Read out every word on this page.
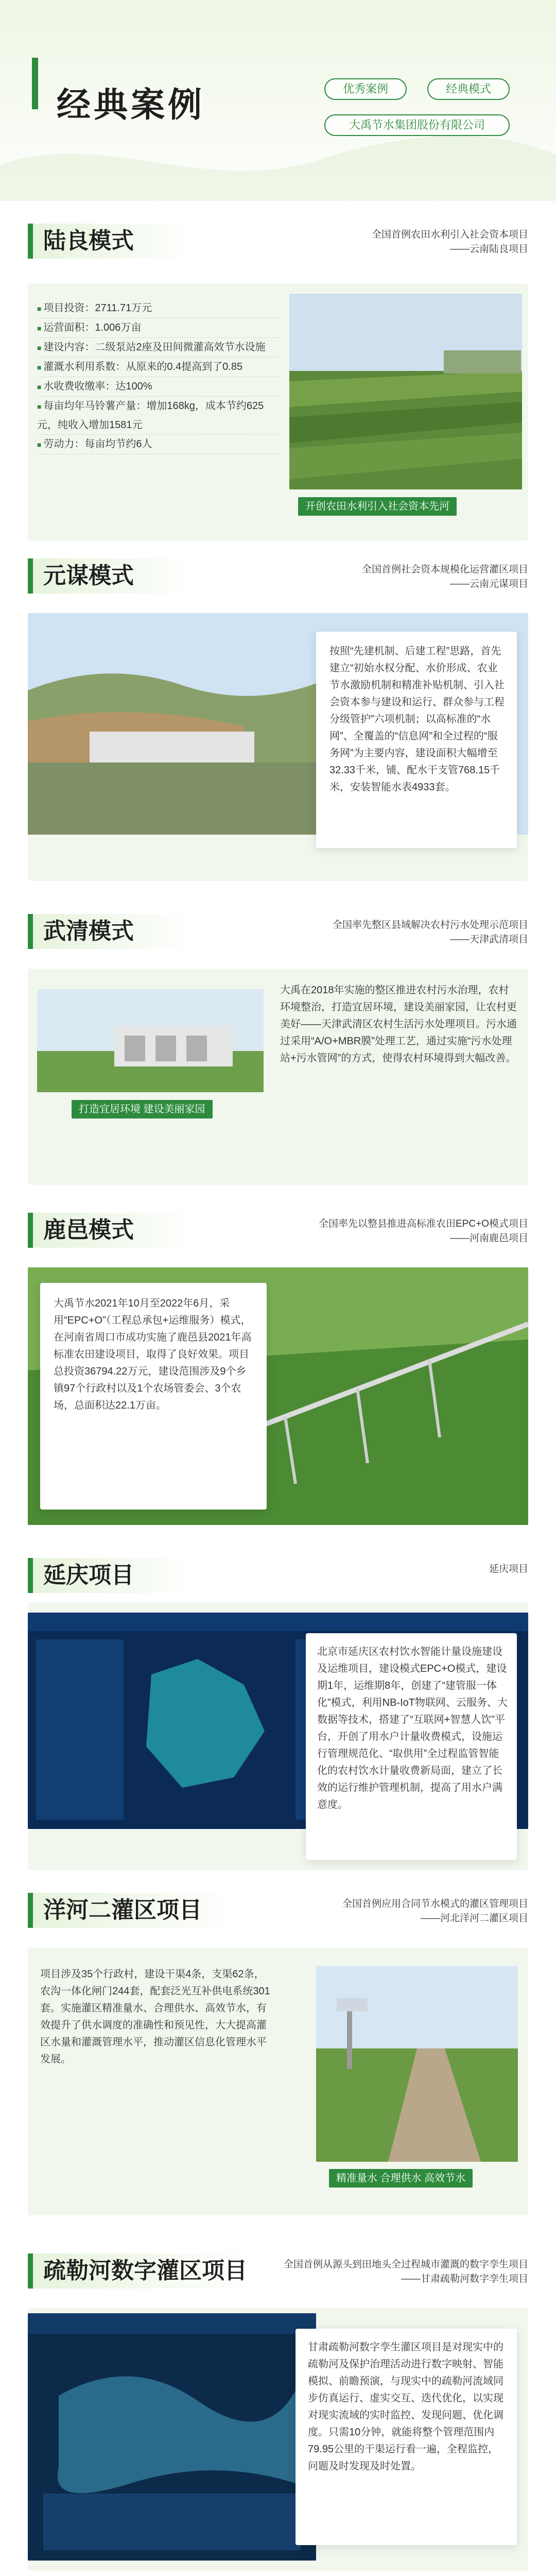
经典案例	优秀案例	经典模式
大禹节水集团股份有限公司
陆良模式	全国首例农田水利引入社会资本项目
——云南陆良项目
■ 项目投资：2711.71万元
■ 运营面积：1.006万亩
■ 建设内容：二级泵站2座及田间微灌高效节水设施
■ 灌溉水利用系数：从原来的0.4提高到了0.85
■ 水收费收缴率：达100%
■ 每亩均年马铃薯产量：增加168kg，成本节约625元，纯收入增加1581元
■ 劳动力：每亩均节约6人
开创农田水利引入社会资本先河
元谋模式	全国首例社会资本规模化运营灌区项目
——云南元谋项目
按照“先建机制、后建工程”思路，首先建立“初始水权分配、水价形成、农业节水激励机制和精准补贴机制、引入社会资本参与建设和运行、群众参与工程分级管护”六项机制；以高标准的“水网”、全覆盖的“信息网”和全过程的“服务网”为主要内容，建设面积大幅增至32.33千米，铺、配水干支管768.15千米，安装智能水表4933套。
武清模式	全国率先整区县域解决农村污水处理示范项目
——天津武清项目
打造宜居环境 建设美丽家园
大禹在2018年实施的整区推进农村污水治理，农村环境整治，打造宜居环境，建设美丽家园，让农村更美好——天津武清区农村生活污水处理项目。污水通过采用“A/O+MBR膜”处理工艺，通过实施“污水处理站+污水管网”的方式，使得农村环境得到大幅改善。
鹿邑模式	全国率先以整县推进高标准农田EPC+O模式项目
——河南鹿邑项目
大禹节水2021年10月至2022年6月，采用“EPC+O”（工程总承包+运维服务）模式，在河南省周口市成功实施了鹿邑县2021年高标准农田建设项目，取得了良好效果。项目总投资36794.22万元，建设范围涉及9个乡镇97个行政村以及1个农场管委会、3个农场，总面积达22.1万亩。
延庆项目	延庆项目
北京市延庆区农村饮水智能计量设施建设及运维项目，建设模式EPC+O模式，建设期1年，运维期8年，创建了“建管服一体化”模式，利用NB-IoT物联网、云服务、大数据等技术，搭建了“互联网+智慧人饮”平台，开创了用水户计量收费模式，设施运行管理规范化、“取供用”全过程监管智能化的农村饮水计量收费新局面，建立了长效的运行维护管理机制，提高了用水户满意度。
洋河二灌区项目	全国首例应用合同节水模式的灌区管理项目
——河北洋河二灌区项目
项目涉及35个行政村，建设干渠4条，支渠62条，农沟一体化闸门244套，配套泛光互补供电系统301套。实施灌区精准量水、合理供水、高效节水，有效提升了供水调度的准确性和预见性，大大提高灌区水量和灌溉管理水平，推动灌区信息化管理水平发展。
精准量水 合理供水 高效节水
疏勒河数字灌区项目	全国首例从源头到田地头全过程城市灌溉的数字孪生项目
——甘肃疏勒河数字孪生项目
甘肃疏勒河数字孪生灌区项目是对现实中的疏勒河及保护治理活动进行数字映射、智能模拟、前瞻预演，与现实中的疏勒河流域同步仿真运行、虚实交互、迭代优化，以实现对现实流域的实时监控、发现问题、优化调度。只需10分钟，就能将整个管理范围内79.95公里的干渠运行看一遍，全程监控，问题及时发现及时处置。
